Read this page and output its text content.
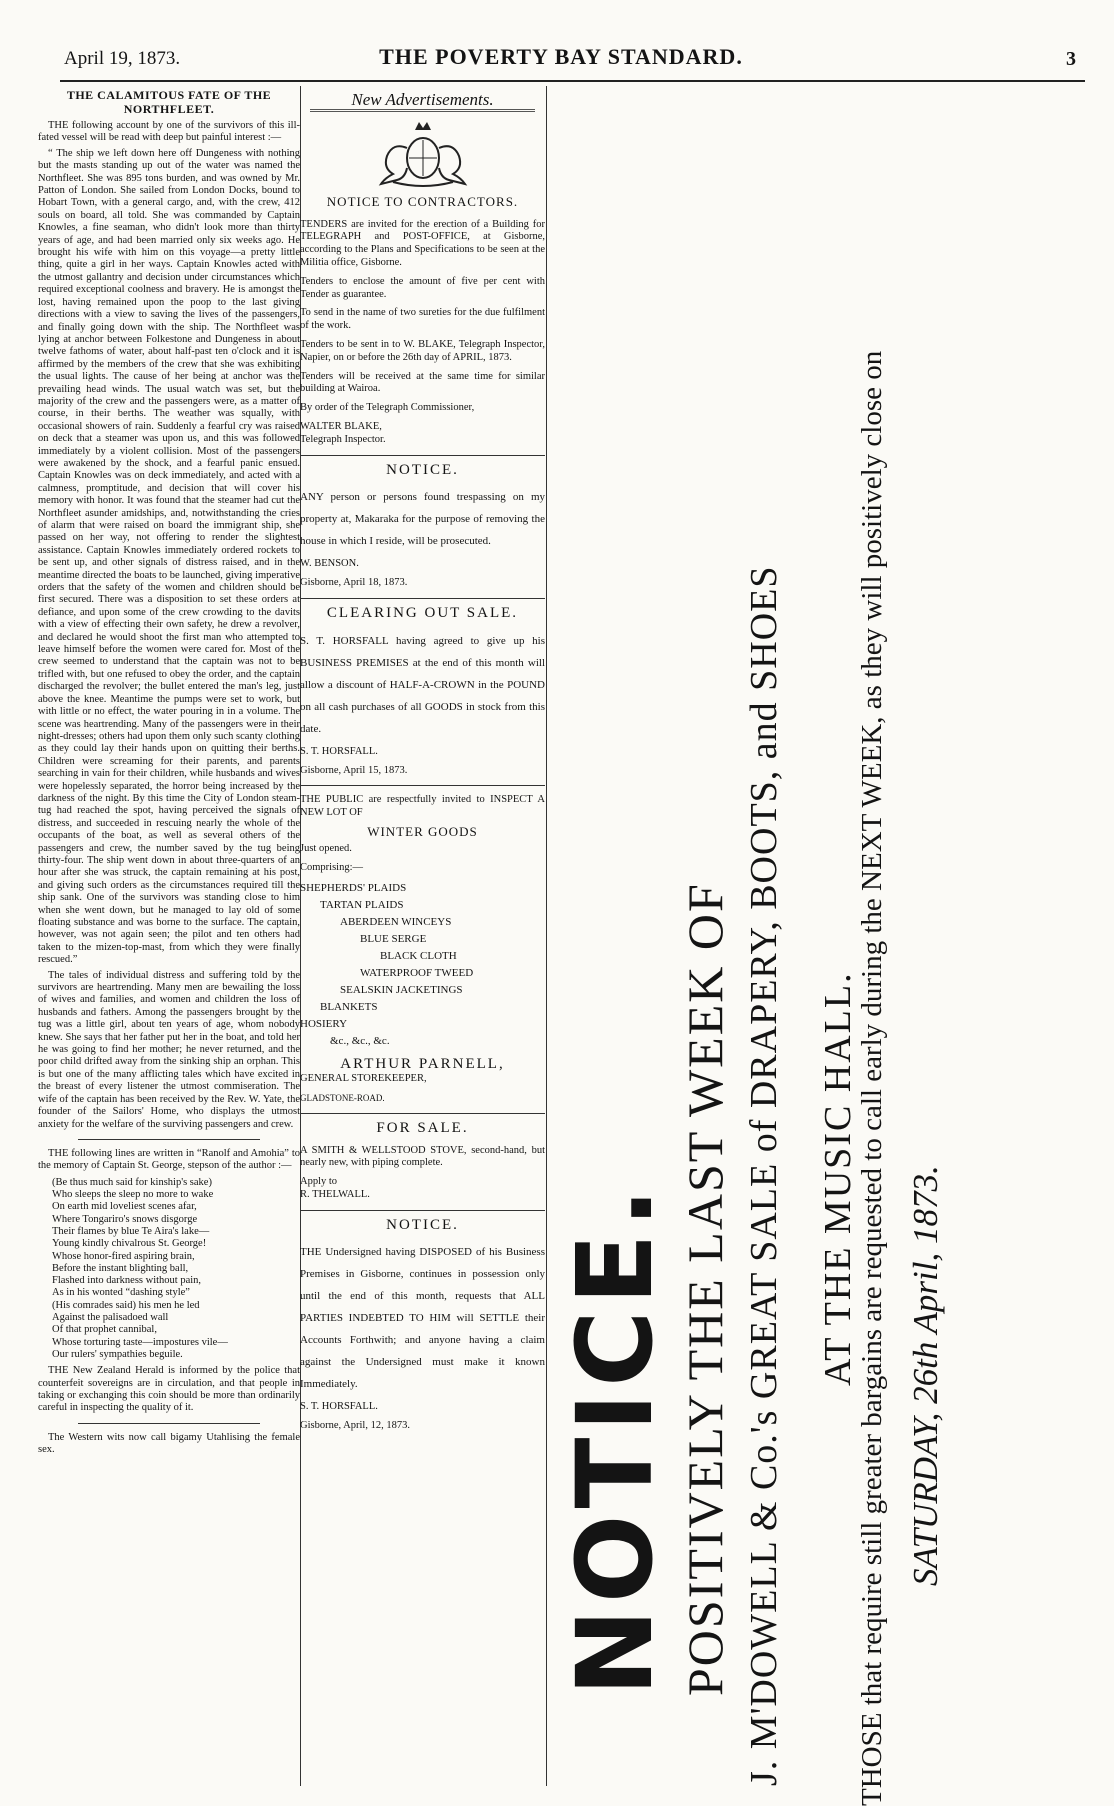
April 19, 1873.	THE POVERTY BAY STANDARD.	3
THE CALAMITOUS FATE OF THE NORTHFLEET.

THE following account by one of the survivors of this ill-fated vessel will be read with deep but painful interest :—

“ The ship we left down here off Dungeness with nothing but the masts standing up out of the water was named the Northfleet. She was 895 tons burden, and was owned by Mr. Patton of London. She sailed from London Docks, bound to Hobart Town, with a general cargo, and, with the crew, 412 souls on board, all told. She was commanded by Captain Knowles, a fine seaman, who didn't look more than thirty years of age, and had been married only six weeks ago. He brought his wife with him on this voyage—a pretty little thing, quite a girl in her ways. Captain Knowles acted with the utmost gallantry and decision under circumstances which required exceptional coolness and bravery. He is amongst the lost, having remained upon the poop to the last giving directions with a view to saving the lives of the passengers, and finally going down with the ship. The Northfleet was lying at anchor between Folkestone and Dungeness in about twelve fathoms of water, about half-past ten o'clock and it is affirmed by the members of the crew that she was exhibiting the usual lights. The cause of her being at anchor was the prevailing head winds. The usual watch was set, but the majority of the crew and the passengers were, as a matter of course, in their berths. The weather was squally, with occasional showers of rain. Suddenly a fearful cry was raised on deck that a steamer was upon us, and this was followed immediately by a violent collision. Most of the passengers were awakened by the shock, and a fearful panic ensued. Captain Knowles was on deck immediately, and acted with a calmness, promptitude, and decision that will cover his memory with honor. It was found that the steamer had cut the Northfleet asunder amidships, and, notwithstanding the cries of alarm that were raised on board the immigrant ship, she passed on her way, not offering to render the slightest assistance. Captain Knowles immediately ordered rockets to be sent up, and other signals of distress raised, and in the meantime directed the boats to be launched, giving imperative orders that the safety of the women and children should be first secured. There was a disposition to set these orders at defiance, and upon some of the crew crowding to the davits with a view of effecting their own safety, he drew a revolver, and declared he would shoot the first man who attempted to leave himself before the women were cared for. Most of the crew seemed to understand that the captain was not to be trifled with, but one refused to obey the order, and the captain discharged the revolver; the bullet entered the man's leg, just above the knee. Meantime the pumps were set to work, but with little or no effect, the water pouring in in a volume. The scene was heartrending. Many of the passengers were in their night-dresses; others had upon them only such scanty clothing as they could lay their hands upon on quitting their berths. Children were screaming for their parents, and parents searching in vain for their children, while husbands and wives were hopelessly separated, the horror being increased by the darkness of the night. By this time the City of London steam-tug had reached the spot, having perceived the signals of distress, and succeeded in rescuing nearly the whole of the occupants of the boat, as well as several others of the passengers and crew, the number saved by the tug being thirty-four. The ship went down in about three-quarters of an hour after she was struck, the captain remaining at his post, and giving such orders as the circumstances required till the ship sank. One of the survivors was standing close to him when she went down, but he managed to lay old of some floating substance and was borne to the surface. The captain, however, was not again seen; the pilot and ten others had taken to the mizen-top-mast, from which they were finally rescued.”

The tales of individual distress and suffering told by the survivors are heartrending. Many men are bewailing the loss of wives and families, and women and children the loss of husbands and fathers. Among the passengers brought by the tug was a little girl, about ten years of age, whom nobody knew. She says that her father put her in the boat, and told her he was going to find her mother; he never returned, and the poor child drifted away from the sinking ship an orphan. This is but one of the many afflicting tales which have excited in the breast of every listener the utmost commiseration. The wife of the captain has been received by the Rev. W. Yate, the founder of the Sailors' Home, who displays the utmost anxiety for the welfare of the surviving passengers and crew.

THE following lines are written in “Ranolf and Amohia” to the memory of Captain St. George, stepson of the author :—

(Be thus much said for kinship's sake)
Who sleeps the sleep no more to wake
On earth mid loveliest scenes afar,
Where Tongariro's snows disgorge
Their flames by blue Te Aira's lake—
Young kindly chivalrous St. George!
Whose honor-fired aspiring brain,
Before the instant blighting ball,
Flashed into darkness without pain,
As in his wonted “dashing style”
(His comrades said) his men he led
Against the palisadoed wall
Of that prophet cannibal,
Whose torturing taste—impostures vile—
Our rulers' sympathies beguile.

THE New Zealand Herald is informed by the police that counterfeit sovereigns are in circulation, and that people in taking or exchanging this coin should be more than ordinarily careful in inspecting the quality of it.

The Western wits now call bigamy Utahlising the female sex.

New Advertisements.
NOTICE TO CONTRACTORS.

TENDERS are invited for the erection of a Building for TELEGRAPH and POST-OFFICE, at Gisborne, according to the Plans and Specifications to be seen at the Militia office, Gisborne.

Tenders to enclose the amount of five per cent with Tender as guarantee.

To send in the name of two sureties for the due fulfilment of the work.

Tenders to be sent in to W. BLAKE, Telegraph Inspector, Napier, on or before the 26th day of APRIL, 1873.

Tenders will be received at the same time for similar building at Wairoa.

By order of the Telegraph Commissioner,

WALTER BLAKE,

Telegraph Inspector.

NOTICE.

ANY person or persons found trespassing on my property at, Makaraka for the purpose of removing the house in which I reside, will be prosecuted.

W. BENSON.

Gisborne, April 18, 1873.

CLEARING OUT SALE.

S. T. HORSFALL having agreed to give up his BUSINESS PREMISES at the end of this month will allow a discount of HALF-A-CROWN in the POUND on all cash purchases of all GOODS in stock from this date.

S. T. HORSFALL.

Gisborne, April 15, 1873.

THE PUBLIC are respectfully invited to INSPECT A NEW LOT OF

WINTER GOODS

Just opened.

Comprising:—

SHEPHERDS' PLAIDS
TARTAN PLAIDS
ABERDEEN WINCEYS
BLUE SERGE
BLACK CLOTH
WATERPROOF TWEED
SEALSKIN JACKETINGS
BLANKETS
HOSIERY
&c., &c., &c.
ARTHUR PARNELL,

GENERAL STOREKEEPER,

GLADSTONE-ROAD.

FOR SALE.

A SMITH & WELLSTOOD STOVE, second-hand, but nearly new, with piping complete.

Apply to

R. THELWALL.

NOTICE.

THE Undersigned having DISPOSED of his Business Premises in Gisborne, continues in possession only until the end of this month, requests that ALL PARTIES INDEBTED TO HIM will SETTLE their Accounts Forthwith; and anyone having a claim against the Undersigned must make it known Immediately.

S. T. HORSFALL.

Gisborne, April, 12, 1873.	NOTICE. POSITIVELY THE LAST WEEK OF J. M'DOWELL & Co.'s GREAT SALE of DRAPERY, BOOTS, and SHOES AT THE MUSIC HALL.
THOSE that require still greater bargains are requested to call early during the NEXT WEEK, as they will positively close on SATURDAY, 26th April, 1873.
